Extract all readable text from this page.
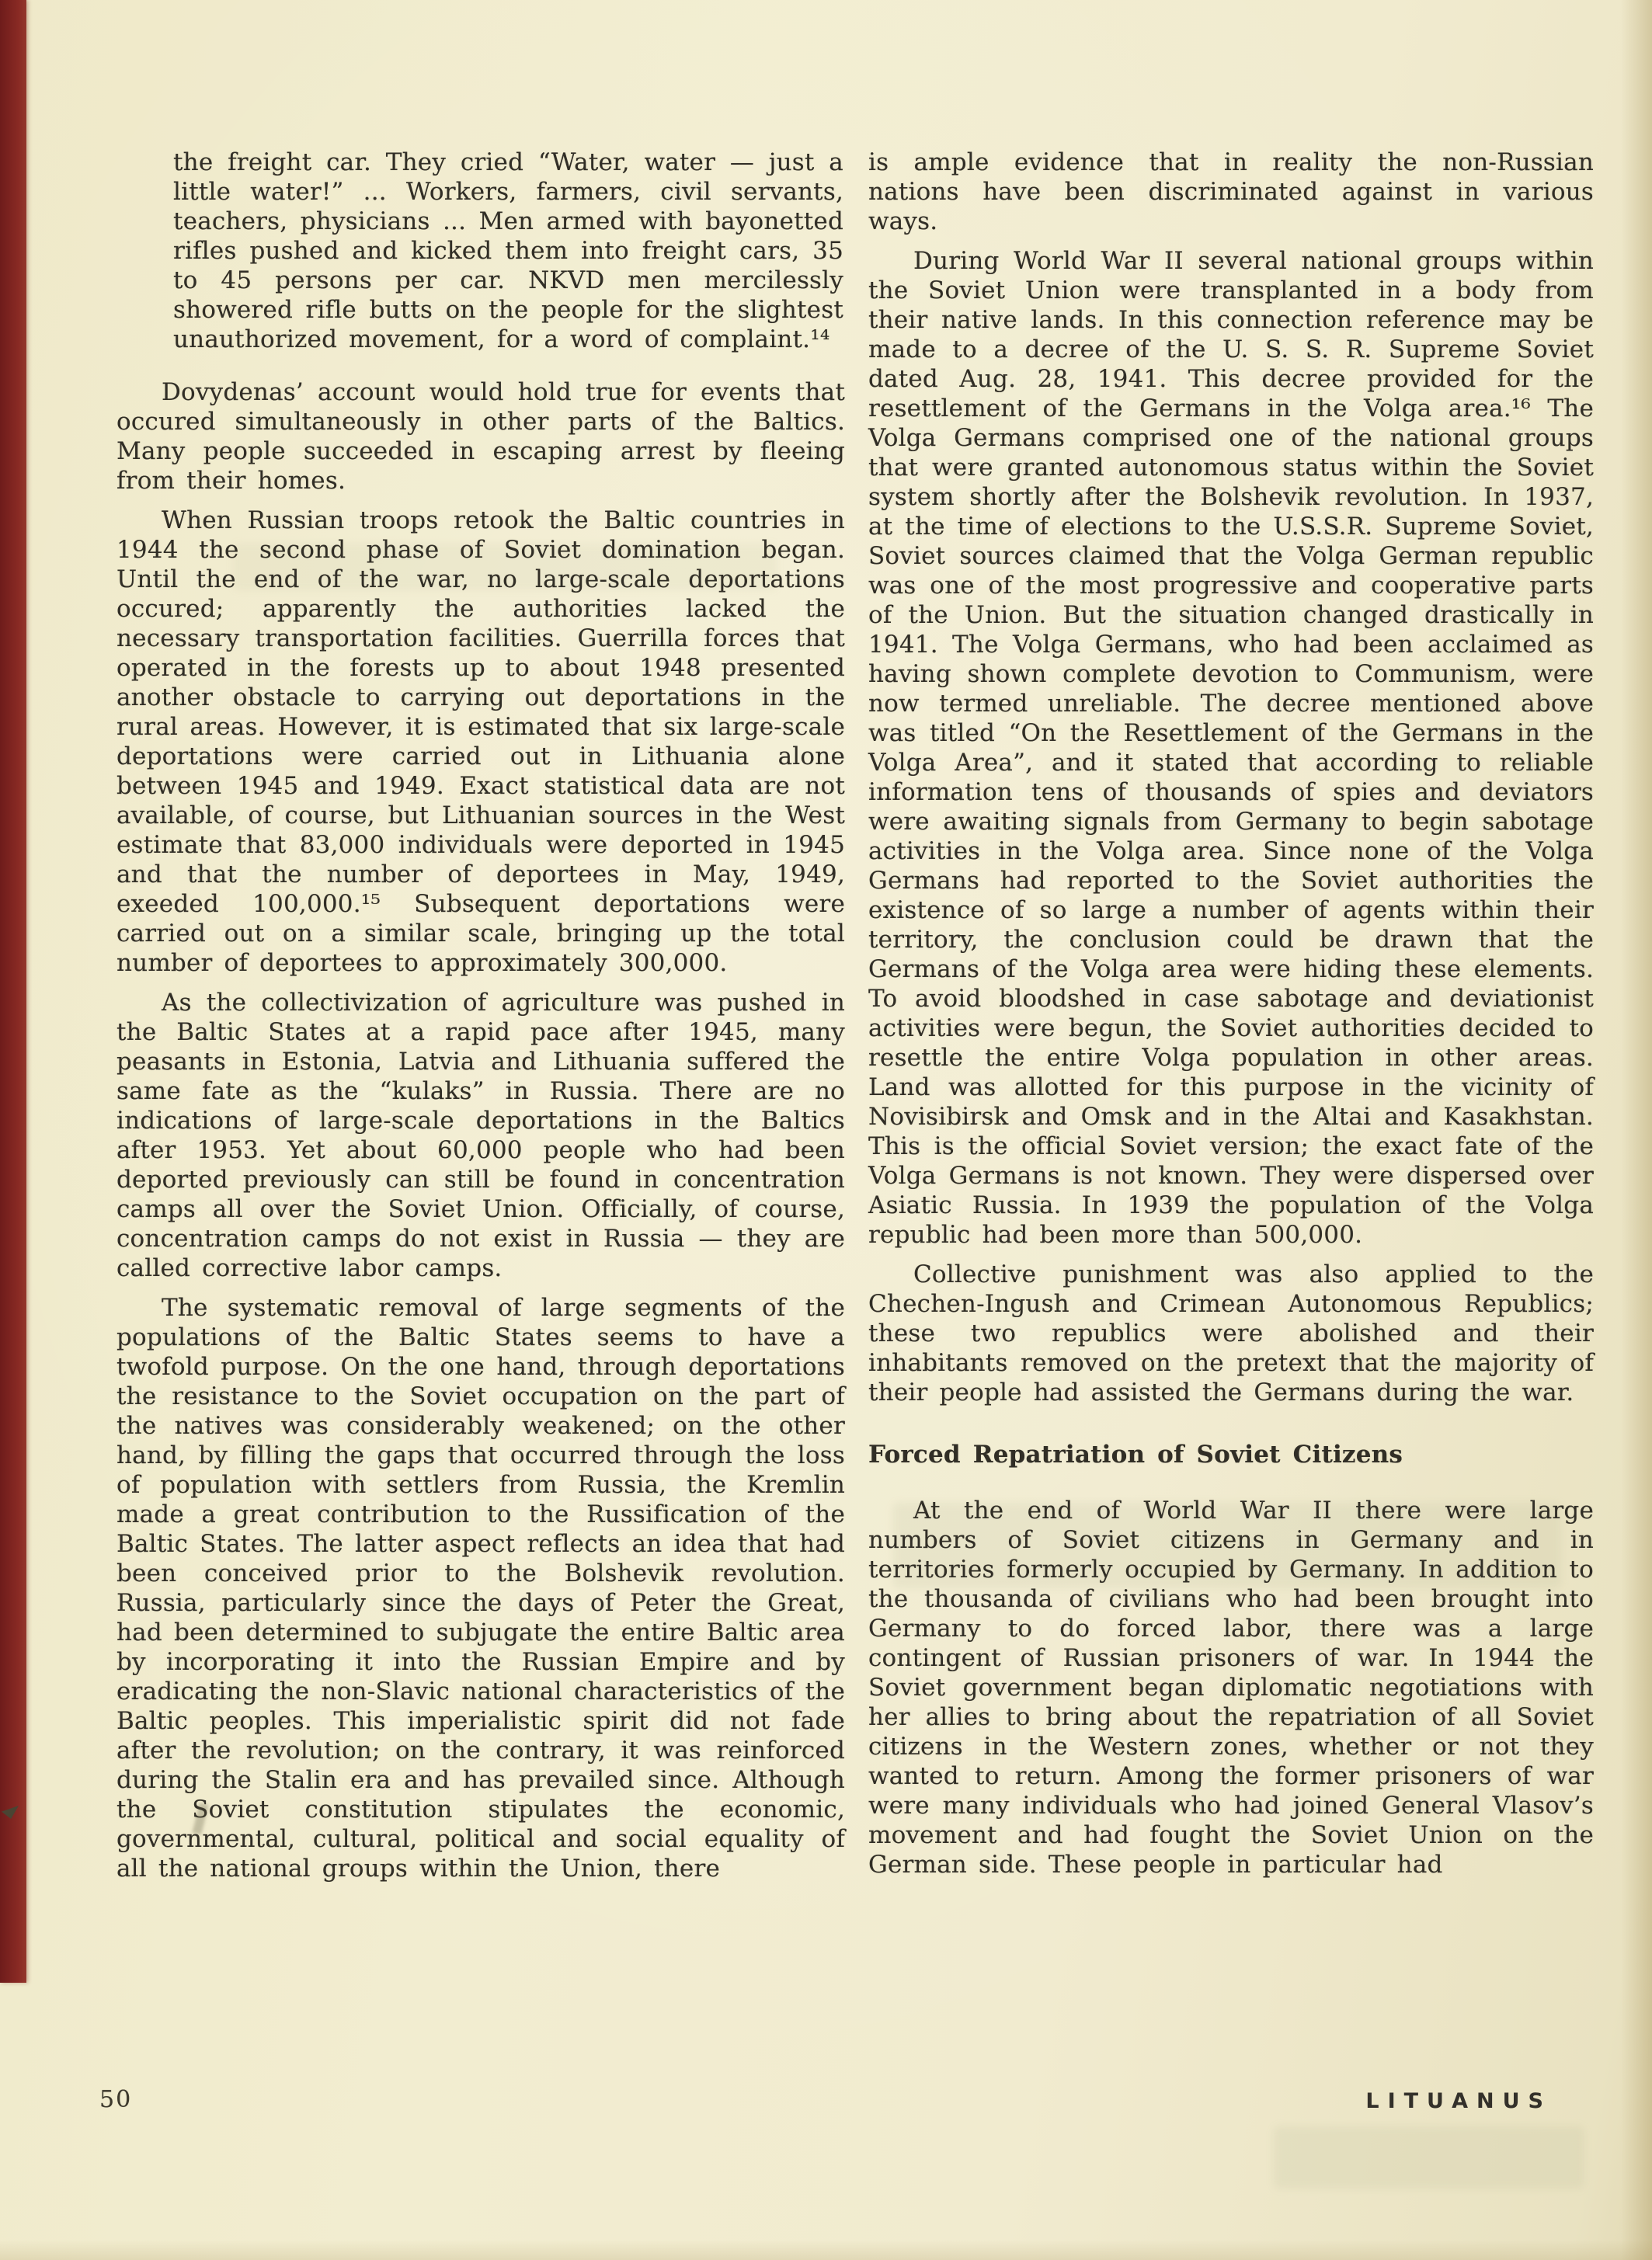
the freight car. They cried “Water, water — just a little water!” ... Workers, farmers, civil servants, teachers, physicians ... Men armed with bayonetted rifles pushed and kicked them into freight cars, 35 to 45 persons per car. NKVD men mercilessly showered rifle butts on the people for the slightest unauthorized movement, for a word of complaint.¹⁴

Dovydenas’ account would hold true for events that occured simultaneously in other parts of the Baltics. Many people succeeded in escaping arrest by fleeing from their homes.

When Russian troops retook the Baltic countries in 1944 the second phase of Soviet domination began. Until the end of the war, no large-scale deportations occured; apparently the authorities lacked the necessary transportation facilities. Guerrilla forces that operated in the forests up to about 1948 presented another obstacle to carrying out deportations in the rural areas. However, it is estimated that six large-scale deportations were carried out in Lithuania alone between 1945 and 1949. Exact statistical data are not available, of course, but Lithuanian sources in the West estimate that 83,000 individuals were deported in 1945 and that the number of deportees in May, 1949, exeeded 100,000.¹⁵ Subsequent deportations were carried out on a similar scale, bringing up the total number of deportees to approximately 300,000.

As the collectivization of agriculture was pushed in the Baltic States at a rapid pace after 1945, many peasants in Estonia, Latvia and Lithuania suffered the same fate as the “kulaks” in Russia. There are no indications of large-scale deportations in the Baltics after 1953. Yet about 60,000 people who had been deported previously can still be found in concentration camps all over the Soviet Union. Officially, of course, concentration camps do not exist in Russia — they are called corrective labor camps.

The systematic removal of large segments of the populations of the Baltic States seems to have a twofold purpose. On the one hand, through deportations the resistance to the Soviet occupation on the part of the natives was considerably weakened; on the other hand, by filling the gaps that occurred through the loss of population with settlers from Russia, the Kremlin made a great contribution to the Russification of the Baltic States. The latter aspect reflects an idea that had been conceived prior to the Bolshevik revolution. Russia, particularly since the days of Peter the Great, had been determined to subjugate the entire Baltic area by incorporating it into the Russian Empire and by eradicating the non-Slavic national characteristics of the Baltic peoples. This imperialistic spirit did not fade after the revolution; on the contrary, it was reinforced during the Stalin era and has prevailed since. Although the Soviet constitution stipulates the economic, governmental, cultural, political and social equality of all the national groups within the Union, there

is ample evidence that in reality the non-Russian nations have been discriminated against in various ways.

During World War II several national groups within the Soviet Union were transplanted in a body from their native lands. In this connection reference may be made to a decree of the U. S. S. R. Supreme Soviet dated Aug. 28, 1941. This decree provided for the resettlement of the Germans in the Volga area.¹⁶ The Volga Germans comprised one of the national groups that were granted autonomous status within the Soviet system shortly after the Bolshevik revolution. In 1937, at the time of elections to the U.S.S.R. Supreme Soviet, Soviet sources claimed that the Volga German republic was one of the most progressive and cooperative parts of the Union. But the situation changed drastically in 1941. The Volga Germans, who had been acclaimed as having shown complete devotion to Communism, were now termed unreliable. The decree mentioned above was titled “On the Resettlement of the Germans in the Volga Area”, and it stated that according to reliable information tens of thousands of spies and deviators were awaiting signals from Germany to begin sabotage activities in the Volga area. Since none of the Volga Germans had reported to the Soviet authorities the existence of so large a number of agents within their territory, the conclusion could be drawn that the Germans of the Volga area were hiding these elements. To avoid bloodshed in case sabotage and deviationist activities were begun, the Soviet authorities decided to resettle the entire Volga population in other areas. Land was allotted for this purpose in the vicinity of Novisibirsk and Omsk and in the Altai and Kasakhstan. This is the official Soviet version; the exact fate of the Volga Germans is not known. They were dispersed over Asiatic Russia. In 1939 the population of the Volga republic had been more than 500,000.

Collective punishment was also applied to the Chechen-Ingush and Crimean Autonomous Republics; these two republics were abolished and their inhabitants removed on the pretext that the majority of their people had assisted the Germans during the war.

Forced Repatriation of Soviet Citizens

At the end of World War II there were large numbers of Soviet citizens in Germany and in territories formerly occupied by Germany. In addition to the thousanda of civilians who had been brought into Germany to do forced labor, there was a large contingent of Russian prisoners of war. In 1944 the Soviet government began diplomatic negotiations with her allies to bring about the repatriation of all Soviet citizens in the Western zones, whether or not they wanted to return. Among the former prisoners of war were many individuals who had joined General Vlasov’s movement and had fought the Soviet Union on the German side. These people in particular had

50	LITUANUS
